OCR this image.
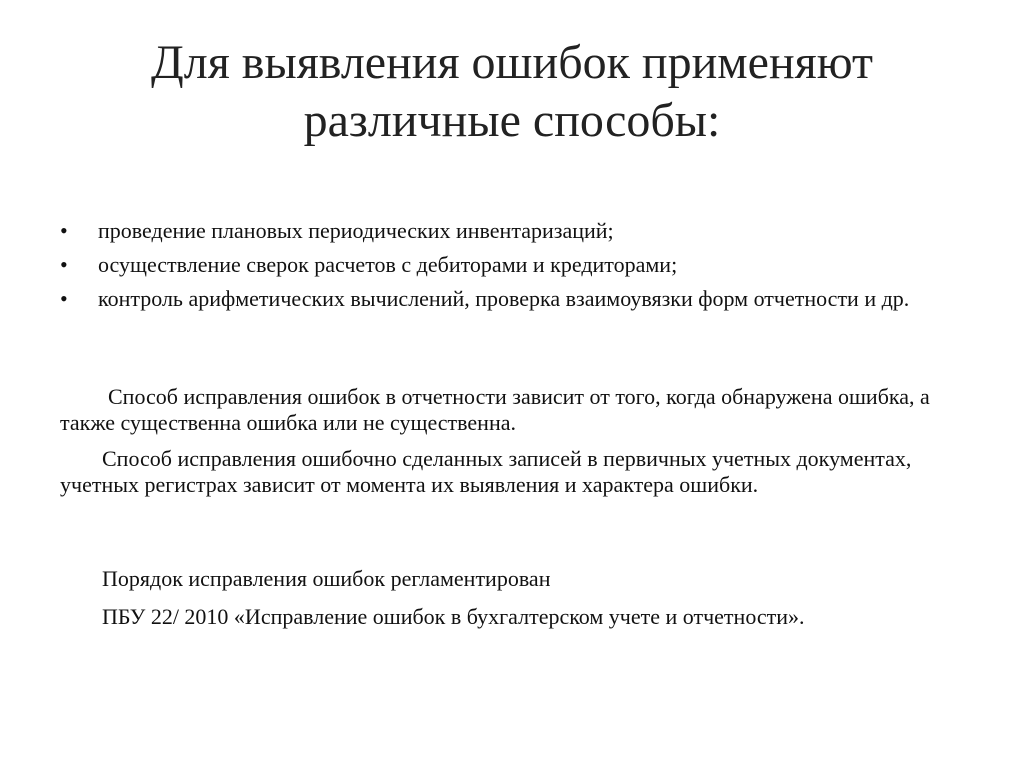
Для выявления ошибок применяют
различные способы:
• проведение плановых периодических инвентаризаций;
• осуществление сверок расчетов с дебиторами и кредиторами;
• контроль арифметических вычислений, проверка взаимоувязки форм отчетности и др.

Способ исправления ошибок в отчетности зависит от того, когда обнаружена ошибка, а также существенна ошибка или не существенна.

Способ исправления ошибочно сделанных записей в первичных учетных документах, учетных регистрах зависит от момента их выявления и характера ошибки.

Порядок исправления ошибок регламентирован

ПБУ 22/ 2010 «Исправление ошибок в бухгалтерском учете и отчетности».
